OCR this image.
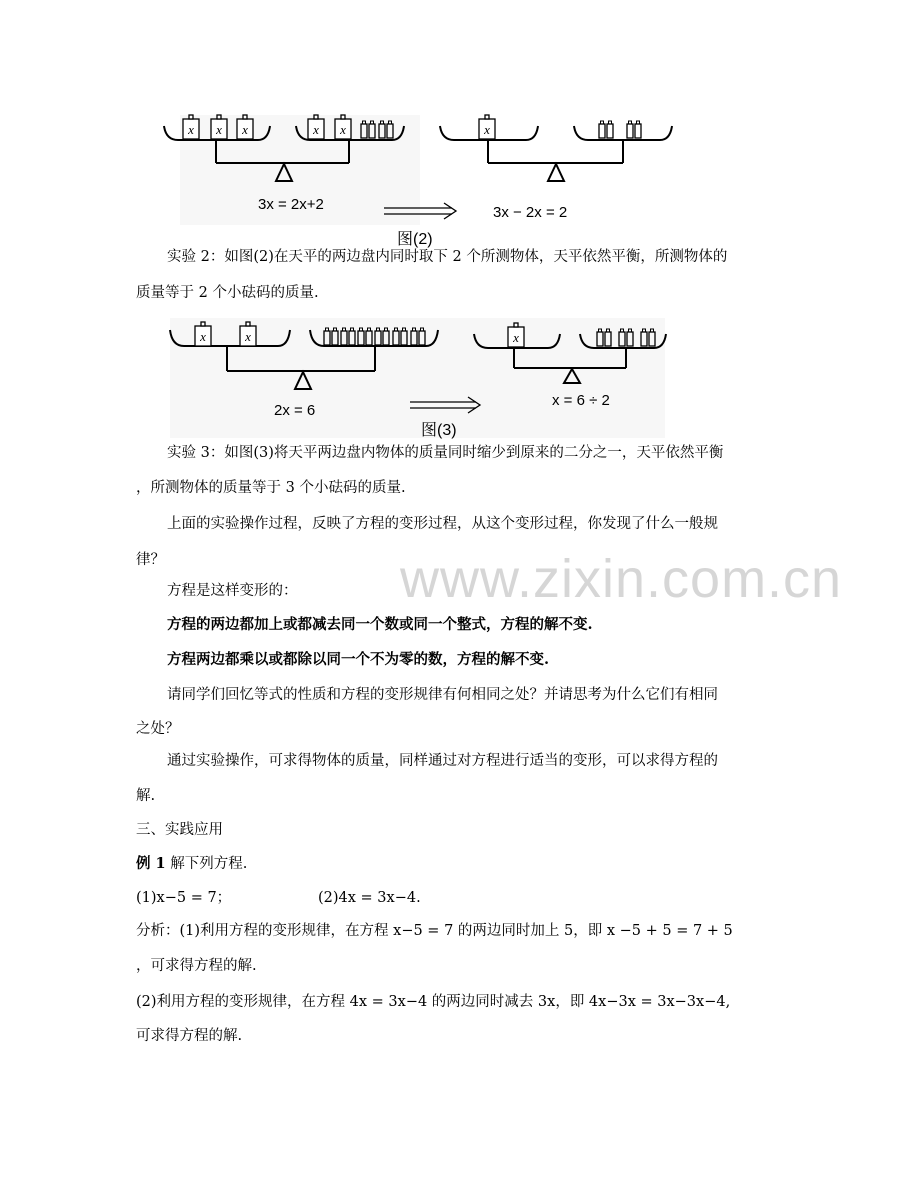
x x x	x x	x
3x = 2x+2	3x − 2x = 2
图(2)
x	x	x
2x = 6
x = 6 ÷ 2
图(3)
www.zixin.com.cn
实验 2：如图(2)在天平的两边盘内同时取下 2 个所测物体，天平依然平衡，所测物体的
质量等于 2 个小砝码的质量.
实验 3：如图(3)将天平两边盘内物体的质量同时缩少到原来的二分之一，天平依然平衡
，所测物体的质量等于 3 个小砝码的质量.
上面的实验操作过程，反映了方程的变形过程，从这个变形过程，你发现了什么一般规
律？
方程是这样变形的：
方程的两边都加上或都减去同一个数或同一个整式，方程的解不变.
方程两边都乘以或都除以同一个不为零的数，方程的解不变.
请同学们回忆等式的性质和方程的变形规律有何相同之处？并请思考为什么它们有相同
之处？
通过实验操作，可求得物体的质量，同样通过对方程进行适当的变形，可以求得方程的
解.
三、实践应用
例 1 解下列方程.
(1)x−5 = 7；	(2)4x = 3x−4.
分析：(1)利用方程的变形规律，在方程 x−5 = 7 的两边同时加上 5，即 x −5 + 5 = 7 + 5
，可求得方程的解.
(2)利用方程的变形规律，在方程 4x = 3x−4 的两边同时减去 3x，即 4x−3x = 3x−3x−4,
可求得方程的解.
